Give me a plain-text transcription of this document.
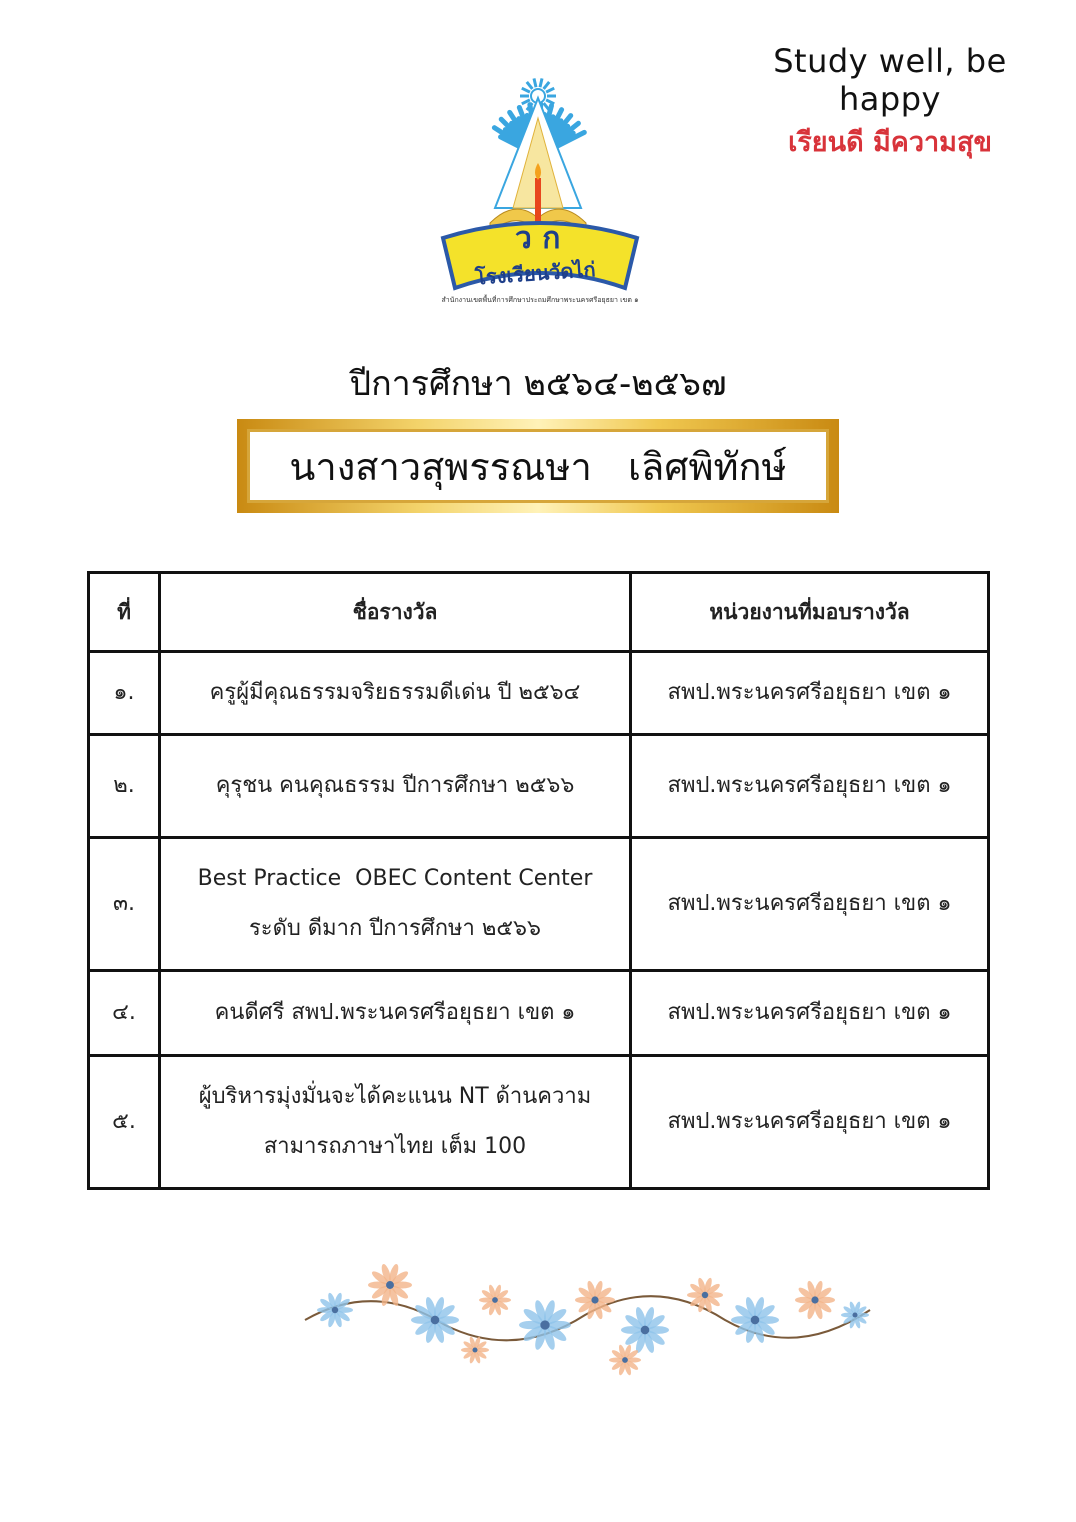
Study well, be happy
เรียนดี มีความสุข
ว ก
โรงเรียนวัดไก่
สำนักงานเขตพื้นที่การศึกษาประถมศึกษาพระนครศรีอยุธยา เขต ๑
ปีการศึกษา ๒๕๖๔-๒๕๖๗
นางสาวสุพรรณษา   เลิศพิทักษ์
ที่	ชื่อรางวัล	หน่วยงานที่มอบรางวัล
๑.	ครูผู้มีคุณธรรมจริยธรรมดีเด่น ปี ๒๕๖๔	สพป.พระนครศรีอยุธยา เขต ๑
๒.	คุรุชน คนคุณธรรม ปีการศึกษา ๒๕๖๖	สพป.พระนครศรีอยุธยา เขต ๑
๓.	Best Practice  OBEC Content Center
ระดับ ดีมาก ปีการศึกษา ๒๕๖๖	สพป.พระนครศรีอยุธยา เขต ๑
๔.	คนดีศรี สพป.พระนครศรีอยุธยา เขต ๑	สพป.พระนครศรีอยุธยา เขต ๑
๕.	ผู้บริหารมุ่งมั่นจะได้คะแนน NT ด้านความ
สามารถภาษาไทย เต็ม 100	สพป.พระนครศรีอยุธยา เขต ๑
